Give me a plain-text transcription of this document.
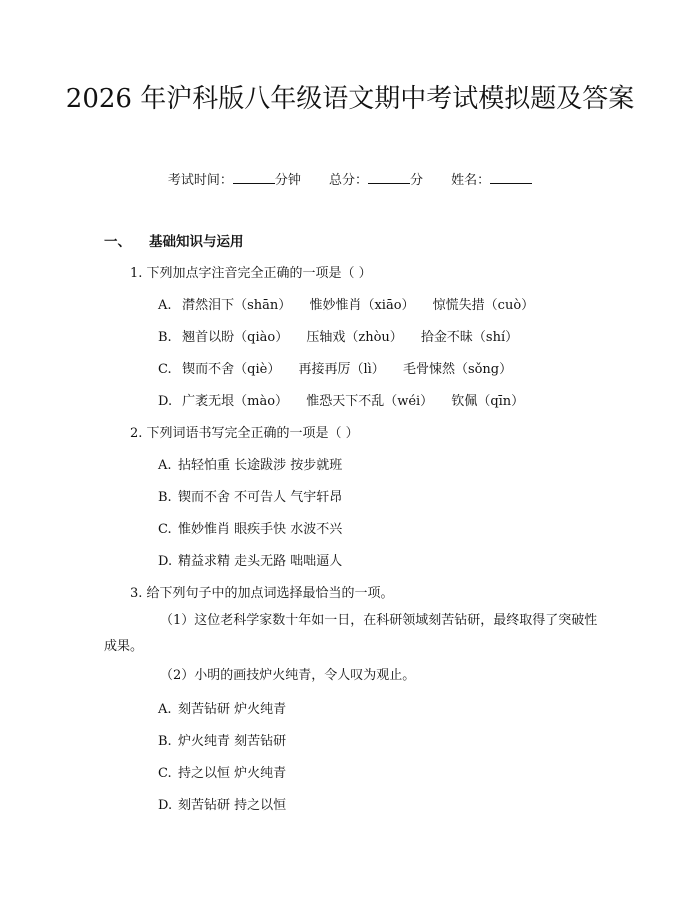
2026 年沪科版八年级语文期中考试模拟题及答案
考试时间：	分钟 总分：	分 姓名：
一、 基础知识与运用
1. 下列加点字注音完全正确的一项是（ ）
A. 潸然泪下（shān） 惟妙惟肖（xiāo） 惊慌失措（cuò）
B. 翘首以盼（qiào） 压轴戏（zhòu） 拾金不昧（shí）
C. 锲而不舍（qiè） 再接再厉（lì） 毛骨悚然（sǒng）
D. 广袤无垠（mào） 惟恐天下不乱（wéi） 钦佩（qīn）
2. 下列词语书写完全正确的一项是（ ）
A. 拈轻怕重 长途跋涉 按步就班
B. 锲而不舍 不可告人 气宇轩昂
C. 惟妙惟肖 眼疾手快 水波不兴
D. 精益求精 走头无路 咄咄逼人
3. 给下列句子中的加点词选择最恰当的一项。
（1）这位老科学家数十年如一日，在科研领域刻苦钻研，最终取得了突破性成果。
（2）小明的画技炉火纯青，令人叹为观止。
A. 刻苦钻研 炉火纯青
B. 炉火纯青 刻苦钻研
C. 持之以恒 炉火纯青
D. 刻苦钻研 持之以恒
